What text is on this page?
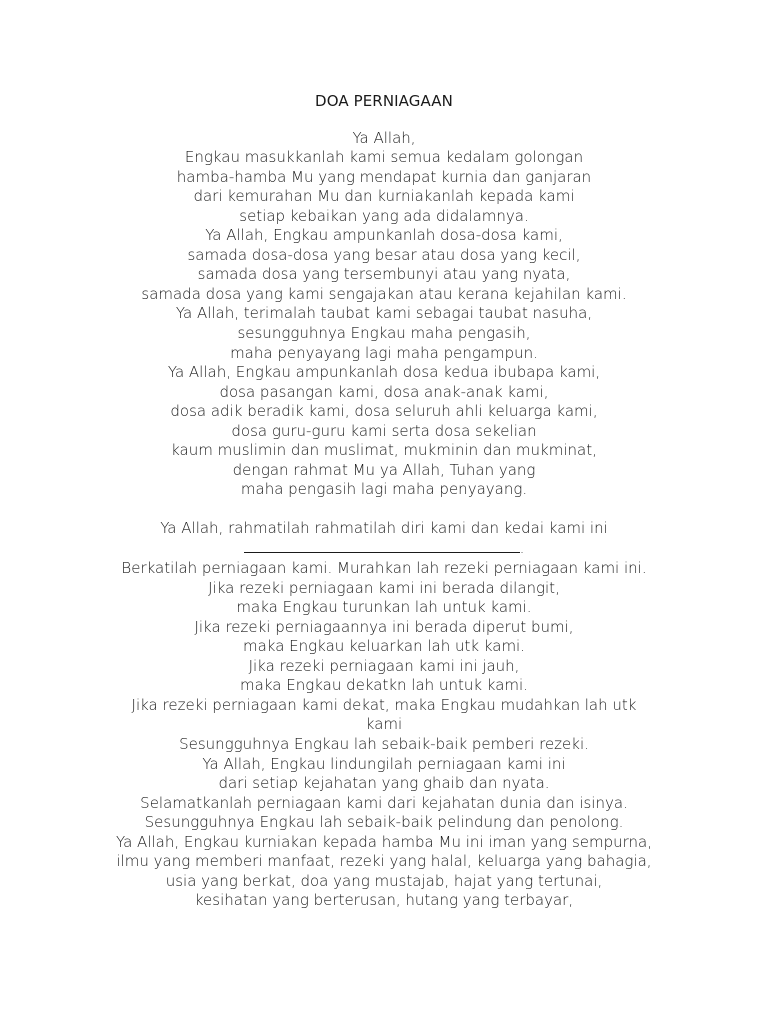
DOA PERNIAGAAN
Ya Allah,
Engkau masukkanlah kami semua kedalam golongan
hamba-hamba Mu yang mendapat kurnia dan ganjaran
dari kemurahan Mu dan kurniakanlah kepada kami
setiap kebaikan yang ada didalamnya.
Ya Allah, Engkau ampunkanlah dosa-dosa kami,
samada dosa-dosa yang besar atau dosa yang kecil,
samada dosa yang tersembunyi atau yang nyata,
samada dosa yang kami sengajakan atau kerana kejahilan kami.
Ya Allah, terimalah taubat kami sebagai taubat nasuha,
sesungguhnya Engkau maha pengasih,
maha penyayang lagi maha pengampun.
Ya Allah, Engkau ampunkanlah dosa kedua ibubapa kami,
dosa pasangan kami, dosa anak-anak kami,
dosa adik beradik kami, dosa seluruh ahli keluarga kami,
dosa guru-guru kami serta dosa sekelian
kaum muslimin dan muslimat, mukminin dan mukminat,
dengan rahmat Mu ya Allah, Tuhan yang
maha pengasih lagi maha penyayang.
Ya Allah, rahmatilah rahmatilah diri kami dan kedai kami ini
.
Berkatilah perniagaan kami. Murahkan lah rezeki perniagaan kami ini.
Jika rezeki perniagaan kami ini berada dilangit,
maka Engkau turunkan lah untuk kami.
Jika rezeki perniagaannya ini berada diperut bumi,
maka Engkau keluarkan lah utk kami.
Jika rezeki perniagaan kami ini jauh,
maka Engkau dekatkn lah untuk kami.
Jika rezeki perniagaan kami dekat, maka Engkau mudahkan lah utk
kami
Sesungguhnya Engkau lah sebaik-baik pemberi rezeki.
Ya Allah, Engkau lindungilah perniagaan kami ini
dari setiap kejahatan yang ghaib dan nyata.
Selamatkanlah perniagaan kami dari kejahatan dunia dan isinya.
Sesungguhnya Engkau lah sebaik-baik pelindung dan penolong.
Ya Allah, Engkau kurniakan kepada hamba Mu ini iman yang sempurna,
ilmu yang memberi manfaat, rezeki yang halal, keluarga yang bahagia,
usia yang berkat, doa yang mustajab, hajat yang tertunai,
kesihatan yang berterusan, hutang yang terbayar,
